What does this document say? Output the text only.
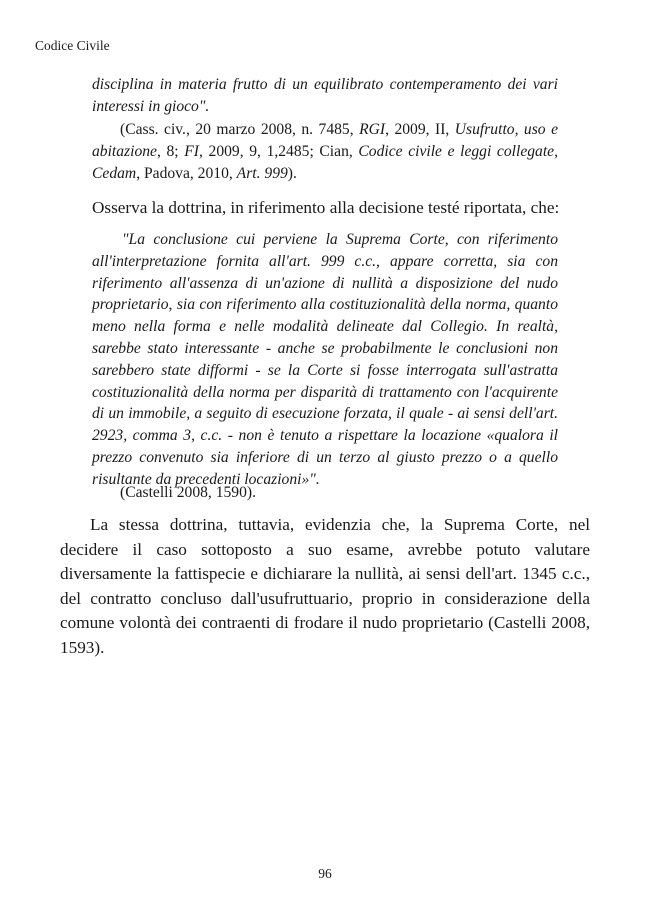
Codice Civile
disciplina in materia frutto di un equilibrato contemperamento dei vari interessi in gioco".
(Cass. civ., 20 marzo 2008, n. 7485, RGI, 2009, II, Usufrutto, uso e abitazione, 8; FI, 2009, 9, 1,2485; Cian, Codice civile e leggi collegate, Cedam, Padova, 2010, Art. 999).
Osserva la dottrina, in riferimento alla decisione testé riportata, che:
"La conclusione cui perviene la Suprema Corte, con riferimento all'interpretazione fornita all'art. 999 c.c., appare corretta, sia con riferimento all'assenza di un'azione di nullità a disposizione del nudo proprietario, sia con riferimento alla costituzionalità della norma, quanto meno nella forma e nelle modalità delineate dal Collegio. In realtà, sarebbe stato interessante - anche se probabilmente le conclusioni non sarebbero state difformi - se la Corte si fosse interrogata sull'astratta costituzionalità della norma per disparità di trattamento con l'acquirente di un immobile, a seguito di esecuzione forzata, il quale - ai sensi dell'art. 2923, comma 3, c.c. - non è tenuto a rispettare la locazione «qualora il prezzo convenuto sia inferiore di un terzo al giusto prezzo o a quello risultante da precedenti locazioni»".
(Castelli 2008, 1590).
La stessa dottrina, tuttavia, evidenzia che, la Suprema Corte, nel decidere il caso sottoposto a suo esame, avrebbe potuto valutare diversamente la fattispecie e dichiarare la nullità, ai sensi dell'art. 1345 c.c., del contratto concluso dall'usufruttuario, proprio in considerazione della comune volontà dei contraenti di frodare il nudo proprietario (Castelli 2008, 1593).
96
